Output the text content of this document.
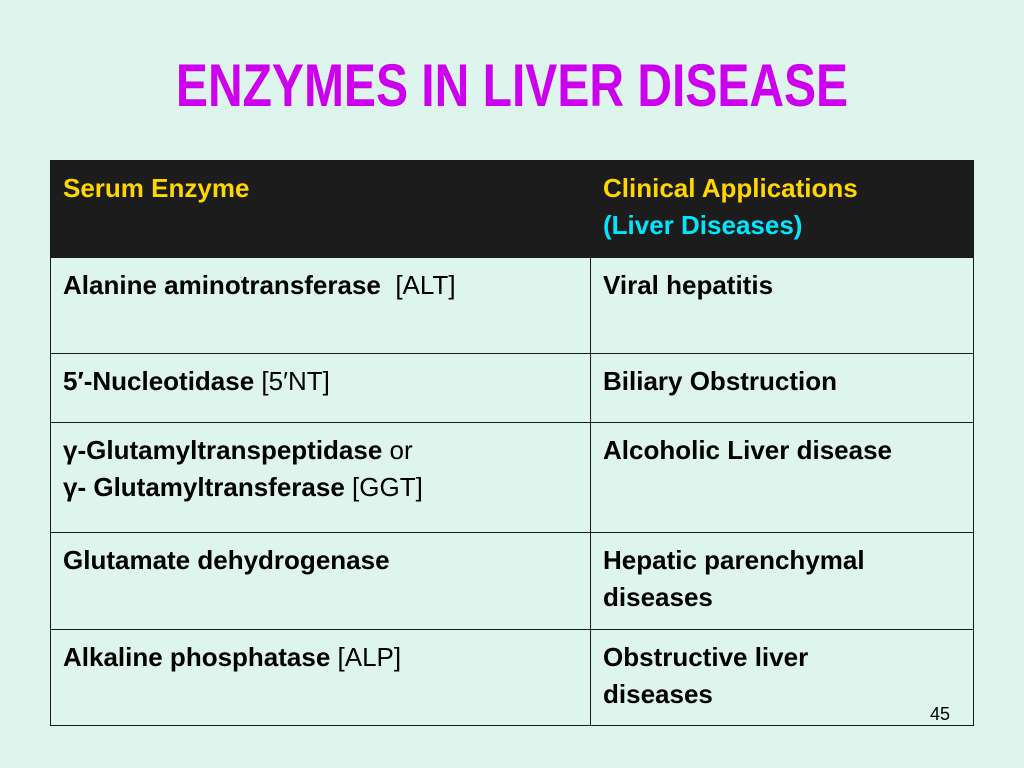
ENZYMES IN LIVER DISEASE
Serum Enzyme	Clinical Applications
(Liver Diseases)
Alanine aminotransferase  [ALT]	Viral hepatitis
5′-Nucleotidase [5′NT]	Biliary Obstruction
γ-Glutamyltranspeptidase or
γ- Glutamyltransferase [GGT]	Alcoholic Liver disease
Glutamate dehydrogenase	Hepatic parenchymal
diseases
Alkaline phosphatase [ALP]	Obstructive liver
diseases
45
